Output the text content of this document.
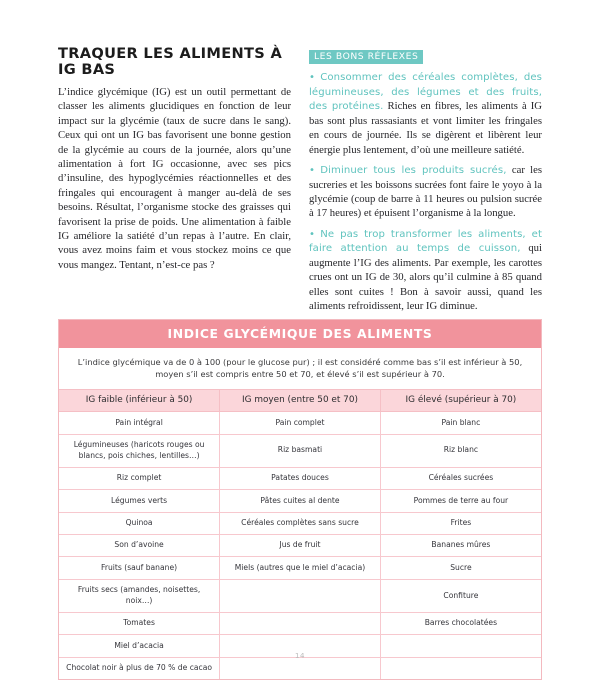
TRAQUER LES ALIMENTS À IG BAS

L’indice glycémique (IG) est un outil permettant de classer les aliments glucidiques en fonction de leur impact sur la glycémie (taux de sucre dans le sang). Ceux qui ont un IG bas favorisent une bonne gestion de la glycémie au cours de la journée, alors qu’une alimentation à fort IG occasionne, avec ses pics d’insuline, des hypoglycémies réactionnelles et des fringales qui encouragent à manger au-delà de ses besoins. Résultat, l’organisme stocke des graisses qui favorisent la prise de poids. Une alimentation à faible IG améliore la satiété d’un repas à l’autre. En clair, vous avez moins faim et vous stockez moins ce que vous mangez. Tentant, n’est-ce pas ?

LES BONS RÉFLEXES

• Consommer des céréales complètes, des légumineuses, des légumes et des fruits, des protéines. Riches en fibres, les aliments à IG bas sont plus rassasiants et vont limiter les fringales en cours de journée. Ils se digèrent et libèrent leur énergie plus lentement, d’où une meilleure satiété.

• Diminuer tous les produits sucrés, car les sucreries et les boissons sucrées font faire le yoyo à la glycémie (coup de barre à 11 heures ou pulsion sucrée à 17 heures) et épuisent l’organisme à la longue.

• Ne pas trop transformer les aliments, et faire attention au temps de cuisson, qui augmente l’IG des aliments. Par exemple, les carottes crues ont un IG de 30, alors qu’il culmine à 85 quand elles sont cuites ! Bon à savoir aussi, quand les aliments refroidissent, leur IG diminue.

INDICE GLYCÉMIQUE DES ALIMENTS
L’indice glycémique va de 0 à 100 (pour le glucose pur) ; il est considéré comme bas s’il est inférieur à 50, moyen s’il est compris entre 50 et 70, et élevé s’il est supérieur à 70.
IG faible (inférieur à 50)	IG moyen (entre 50 et 70)	IG élevé (supérieur à 70)
Pain intégral	Pain complet	Pain blanc
Légumineuses (haricots rouges ou blancs, pois chiches, lentilles…)	Riz basmati	Riz blanc
Riz complet	Patates douces	Céréales sucrées
Légumes verts	Pâtes cuites al dente	Pommes de terre au four
Quinoa	Céréales complètes sans sucre	Frites
Son d’avoine	Jus de fruit	Bananes mûres
Fruits (sauf banane)	Miels (autres que le miel d’acacia)	Sucre
Fruits secs (amandes, noisettes, noix…)		Confiture
Tomates		Barres chocolatées
Miel d’acacia		
Chocolat noir à plus de 70 % de cacao		
14
